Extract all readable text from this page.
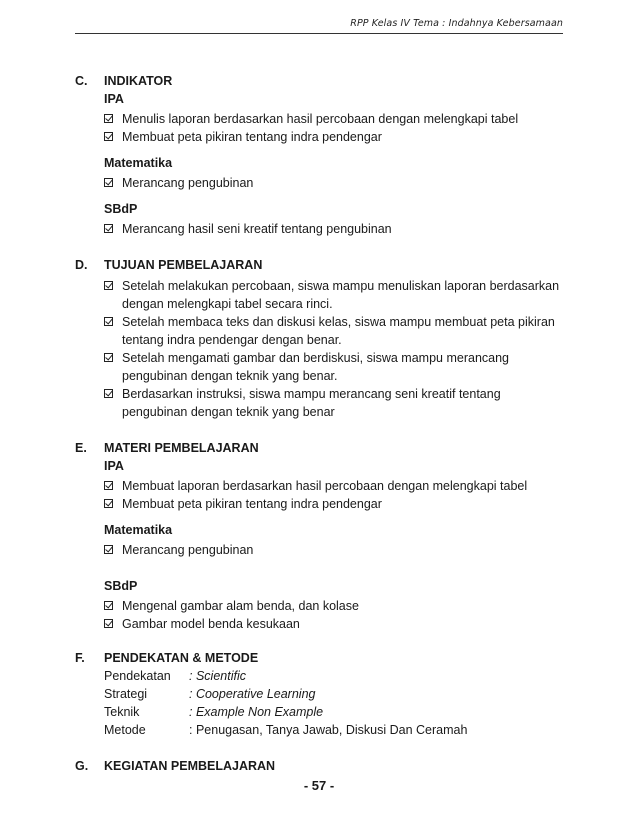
RPP Kelas IV Tema : Indahnya Kebersamaan
C. INDIKATOR
IPA
Menulis laporan berdasarkan hasil percobaan dengan melengkapi tabel
Membuat peta pikiran tentang indra pendengar
Matematika
Merancang pengubinan
SBdP
Merancang hasil seni kreatif tentang pengubinan
D. TUJUAN PEMBELAJARAN
Setelah melakukan percobaan, siswa mampu menuliskan laporan berdasarkan
dengan melengkapi tabel secara rinci.
Setelah membaca teks dan diskusi kelas, siswa mampu membuat peta pikiran
tentang indra pendengar dengan benar.
Setelah mengamati gambar dan berdiskusi, siswa mampu merancang
pengubinan dengan teknik yang benar.
Berdasarkan instruksi, siswa mampu merancang seni kreatif tentang
pengubinan dengan teknik yang benar
E. MATERI PEMBELAJARAN
IPA
Membuat laporan berdasarkan hasil percobaan dengan melengkapi tabel
Membuat peta pikiran tentang indra pendengar
Matematika
Merancang pengubinan
SBdP
Mengenal gambar alam benda, dan kolase
Gambar model benda kesukaan
F. PENDEKATAN & METODE
Pendekatan	: Scientific
Strategi	: Cooperative Learning
Teknik	: Example Non Example
Metode	: Penugasan, Tanya Jawab, Diskusi Dan Ceramah
G. KEGIATAN PEMBELAJARAN
- 57 -
